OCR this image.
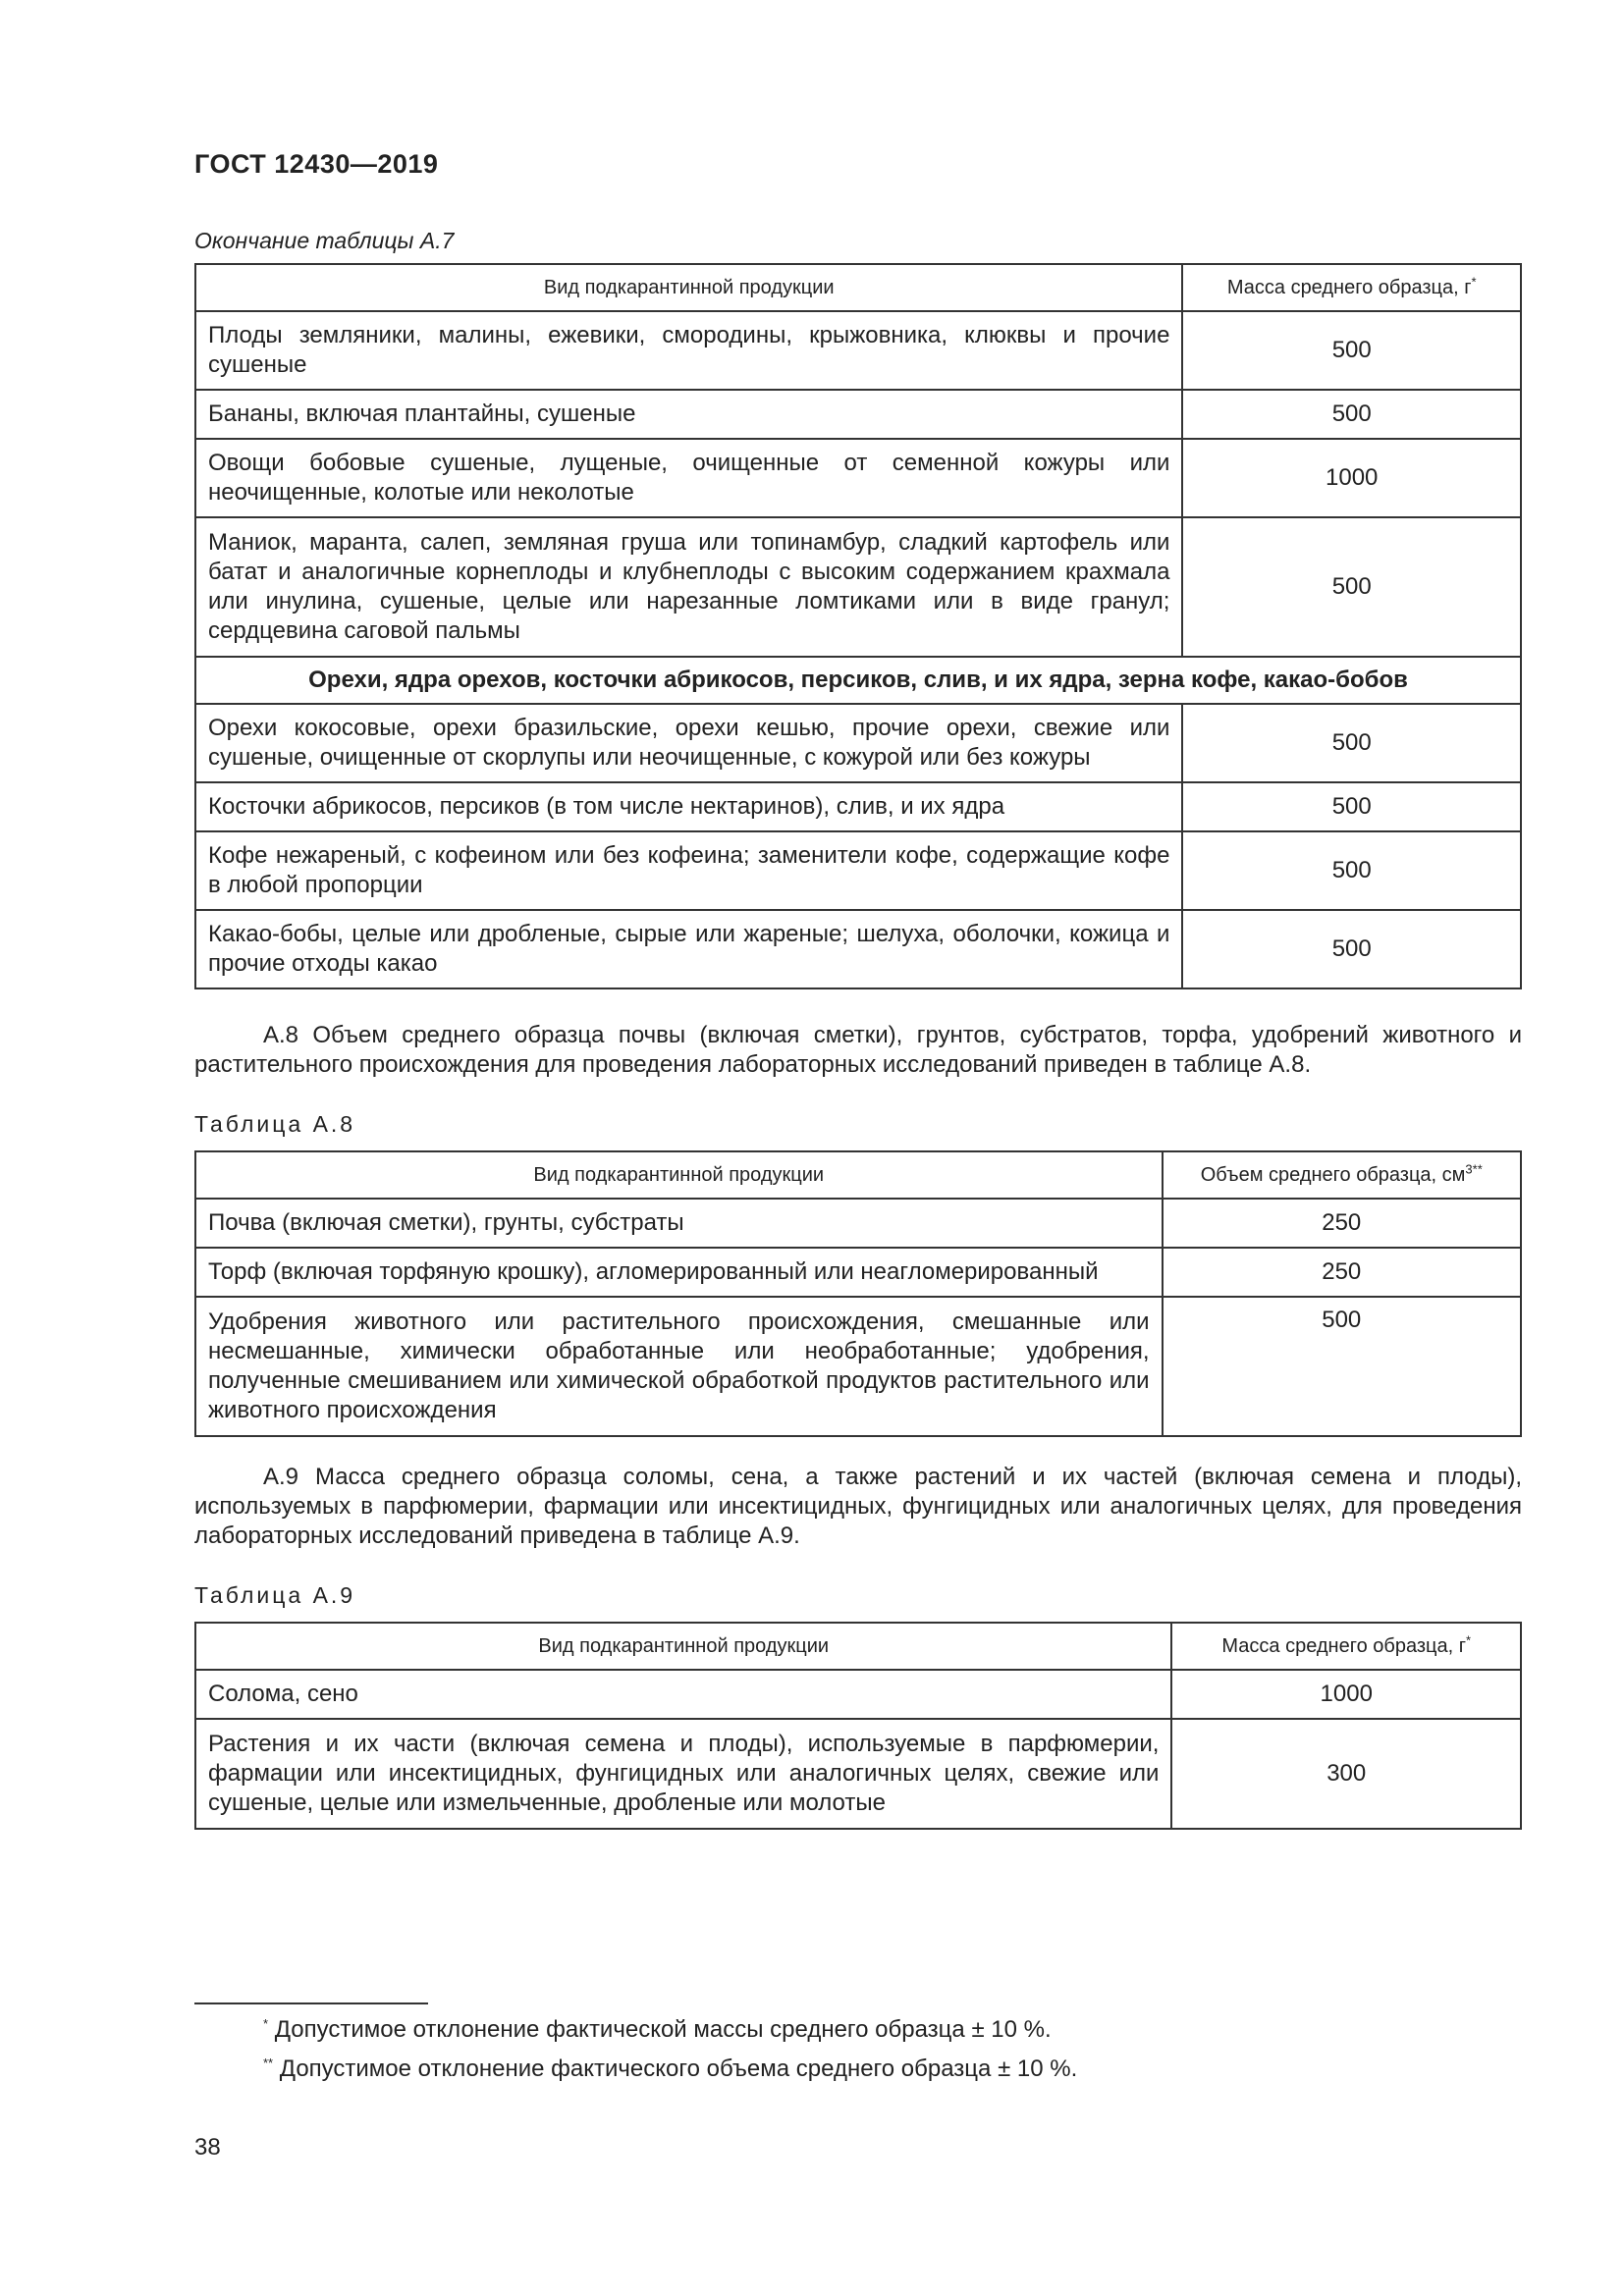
ГОСТ 12430—2019
Окончание таблицы А.7
Вид подкарантинной продукции	Масса среднего образца, г*
Плоды земляники, малины, ежевики, смородины, крыжовника, клюквы и прочие сушеные	500
Бананы, включая плантайны, сушеные	500
Овощи бобовые сушеные, лущеные, очищенные от семенной кожуры или неочищенные, колотые или неколотые	1000
Маниок, маранта, салеп, земляная груша или топинамбур, сладкий картофель или батат и аналогичные корнеплоды и клубнеплоды с высоким содержанием крахмала или инулина, сушеные, целые или нарезанные ломтиками или в виде гранул; сердцевина саговой пальмы	500
Орехи, ядра орехов, косточки абрикосов, персиков, слив, и их ядра, зерна кофе, какао-бобов	
Орехи кокосовые, орехи бразильские, орехи кешью, прочие орехи, свежие или сушеные, очищенные от скорлупы или неочищенные, с кожурой или без кожуры	500
Косточки абрикосов, персиков (в том числе нектаринов), слив, и их ядра	500
Кофе нежареный, с кофеином или без кофеина; заменители кофе, содержащие кофе в любой пропорции	500
Какао-бобы, целые или дробленые, сырые или жареные; шелуха, оболочки, кожица и прочие отходы какао	500
А.8 Объем среднего образца почвы (включая сметки), грунтов, субстратов, торфа, удобрений животного и растительного происхождения для проведения лабораторных исследований приведен в таблице А.8.
Таблица А.8
Вид подкарантинной продукции	Объем среднего образца, $см^{3**}$
Почва (включая сметки), грунты, субстраты	250
Торф (включая торфяную крошку), агломерированный или неагломерированный	250
Удобрения животного или растительного происхождения, смешанные или несмешанные, химически обработанные или необработанные; удобрения, полученные смешиванием или химической обработкой продуктов растительного или животного происхождения	500
А.9 Масса среднего образца соломы, сена, а также растений и их частей (включая семена и плоды), используемых в парфюмерии, фармации или инсектицидных, фунгицидных или аналогичных целях, для проведения лабораторных исследований приведена в таблице А.9.
Таблица А.9
Вид подкарантинной продукции	Масса среднего образца, г*
Солома, сено	1000
Растения и их части (включая семена и плоды), используемые в парфюмерии, фармации или инсектицидных, фунгицидных или аналогичных целях, свежие или сушеные, целые или измельченные, дробленые или молотые	300
* Допустимое отклонение фактической массы среднего образца ± 10 %.
** Допустимое отклонение фактического объема среднего образца ± 10 %.
38
